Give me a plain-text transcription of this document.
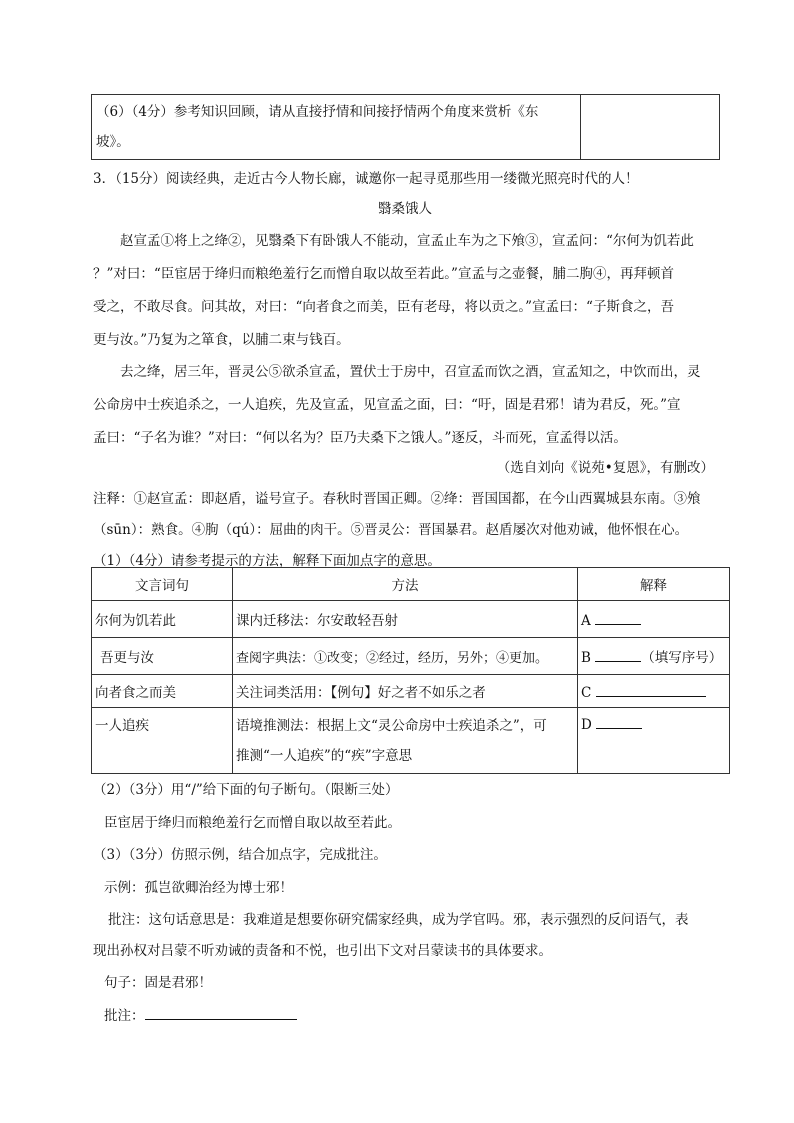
（6）（4分）参考知识回顾，请从直接抒情和间接抒情两个角度来赏析《东
坡》。

3．（15分）阅读经典，走近古今人物长廊，诚邀你一起寻觅那些用一缕微光照亮时代的人！
翳桑饿人
赵宣孟①将上之绛②，见翳桑下有卧饿人不能动，宣孟止车为之下飧③，宣孟问：“尔何为饥若此
？”对曰：“臣宦居于绛归而粮绝羞行乞而憎自取以故至若此。”宣孟与之壶餐，脯二朐④，再拜顿首
受之，不敢尽食。问其故，对曰：“向者食之而美，臣有老母，将以贡之。”宣孟曰：“子斯食之，吾
更与汝。”乃复为之箪食，以脯二束与钱百。
去之绛，居三年，晋灵公⑤欲杀宣孟，置伏士于房中，召宣孟而饮之酒，宣孟知之，中饮而出，灵
公命房中士疾追杀之，一人追疾，先及宣孟，见宣孟之面，曰：“吁，固是君邪！请为君反，死。”宣
孟曰：“子名为谁？”对曰：“何以名为？臣乃夫桑下之饿人。”逐反，斗而死，宣孟得以活。
（选自刘向《说苑•复恩》，有删改）
注释：①赵宣孟：即赵盾，谥号宣子。春秋时晋国正卿。②绛：晋国国都，在今山西翼城县东南。③飧
（sūn）：熟食。④朐（qú）：屈曲的肉干。⑤晋灵公：晋国暴君。赵盾屡次对他劝诫，他怀恨在心。
（1）（4分）请参考提示的方法，解释下面加点字的意思。
文言词句	方法	解释
尔何为饥若此	课内迁移法：尔安敢轻吾射	A
吾更与汝	查阅字典法：①改变；②经过，经历，另外；④更加。	B （填写序号）
向者食之而美	关注词类活用：【例句】好之者不如乐之者	C
一人追疾	语境推测法：根据上文“灵公命房中士疾追杀之”，可
推测“一人追疾”的“疾”字意思	D
（2）（3分）用“/”给下面的句子断句。（限断三处）
臣宦居于绛归而粮绝羞行乞而憎自取以故至若此。
（3）（3分）仿照示例，结合加点字，完成批注。
示例：孤岂欲卿治经为博士邪！
批注：这句话意思是：我难道是想要你研究儒家经典，成为学官吗。邪，表示强烈的反问语气，表
现出孙权对吕蒙不听劝诫的责备和不悦，也引出下文对吕蒙读书的具体要求。
句子：固是君邪！
批注：
